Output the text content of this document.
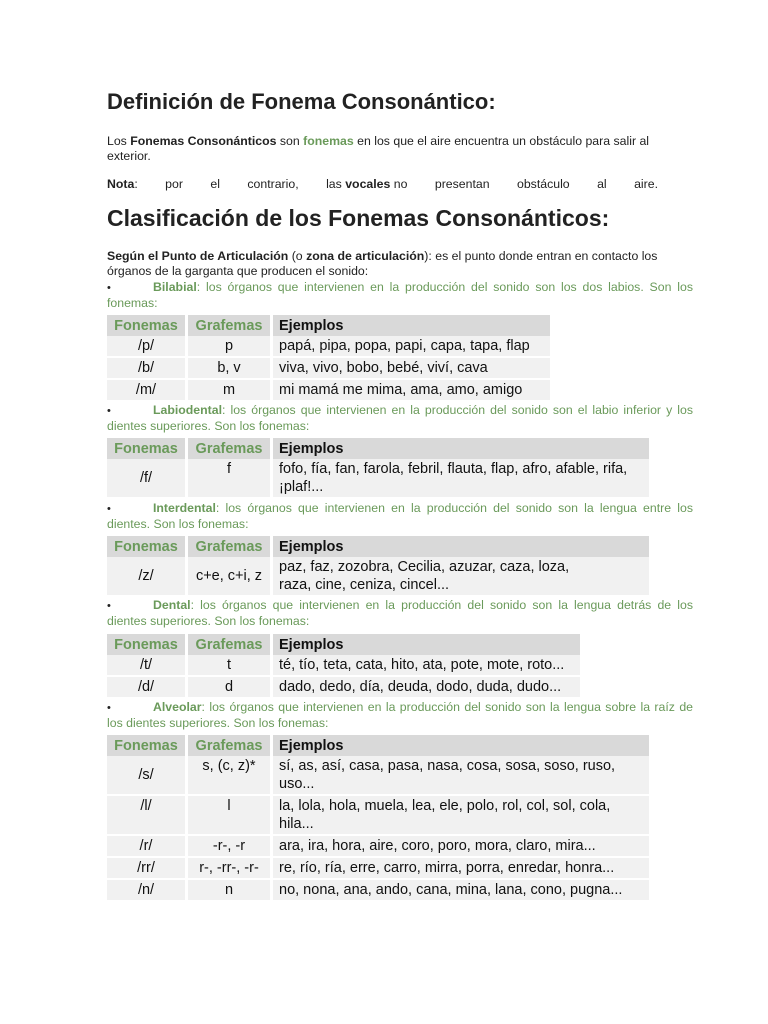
Definición de Fonema Consonántico:
Los Fonemas Consonánticos son fonemas en los que el aire encuentra un obstáculo para salir al exterior.
Nota: por el contrario, las vocales no presentan obstáculo al aire.
Clasificación de los Fonemas Consonánticos:
Según el Punto de Articulación (o zona de articulación): es el punto donde entran en contacto los órganos de la garganta que producen el sonido:
•	Bilabial: los órganos que intervienen en la producción del sonido son los dos labios. Son los fonemas:
Fonemas	Grafemas	Ejemplos
/p/	p	papá, pipa, popa, papi, capa, tapa, flap
/b/	b, v	viva, vivo, bobo, bebé, viví, cava
/m/	m	mi mamá me mima, ama, amo, amigo
•	Labiodental: los órganos que intervienen en la producción del sonido son el labio inferior y los dientes superiores. Son los fonemas:
Fonemas	Grafemas	Ejemplos
/f/	f	fofo, fía, fan, farola, febril, flauta, flap, afro, afable, rifa, ¡plaf!...
•	Interdental: los órganos que intervienen en la producción del sonido son la lengua entre los dientes. Son los fonemas:
Fonemas	Grafemas	Ejemplos
/z/	c+e, c+i, z	paz, faz, zozobra, Cecilia, azuzar, caza, loza, raza, cine, ceniza, cincel...
•	Dental: los órganos que intervienen en la producción del sonido son la lengua detrás de los dientes superiores. Son los fonemas:
Fonemas	Grafemas	Ejemplos
/t/	t	té, tío, teta, cata, hito, ata, pote, mote, roto...
/d/	d	dado, dedo, día, deuda, dodo, duda, dudo...
•	Alveolar: los órganos que intervienen en la producción del sonido son la lengua sobre la raíz de los dientes superiores. Son los fonemas:
Fonemas	Grafemas	Ejemplos
/s/	s, (c, z)*	sí, as, así, casa, pasa, nasa, cosa, sosa, soso, ruso, uso...
/l/	l	la, lola, hola, muela, lea, ele, polo, rol, col, sol, cola, hila...
/r/	-r-, -r	ara, ira, hora, aire, coro, poro, mora, claro, mira...
/rr/	r-, -rr-, -r-	re, río, ría, erre, carro, mirra, porra, enredar, honra...
/n/	n	no, nona, ana, ando, cana, mina, lana, cono, pugna...
